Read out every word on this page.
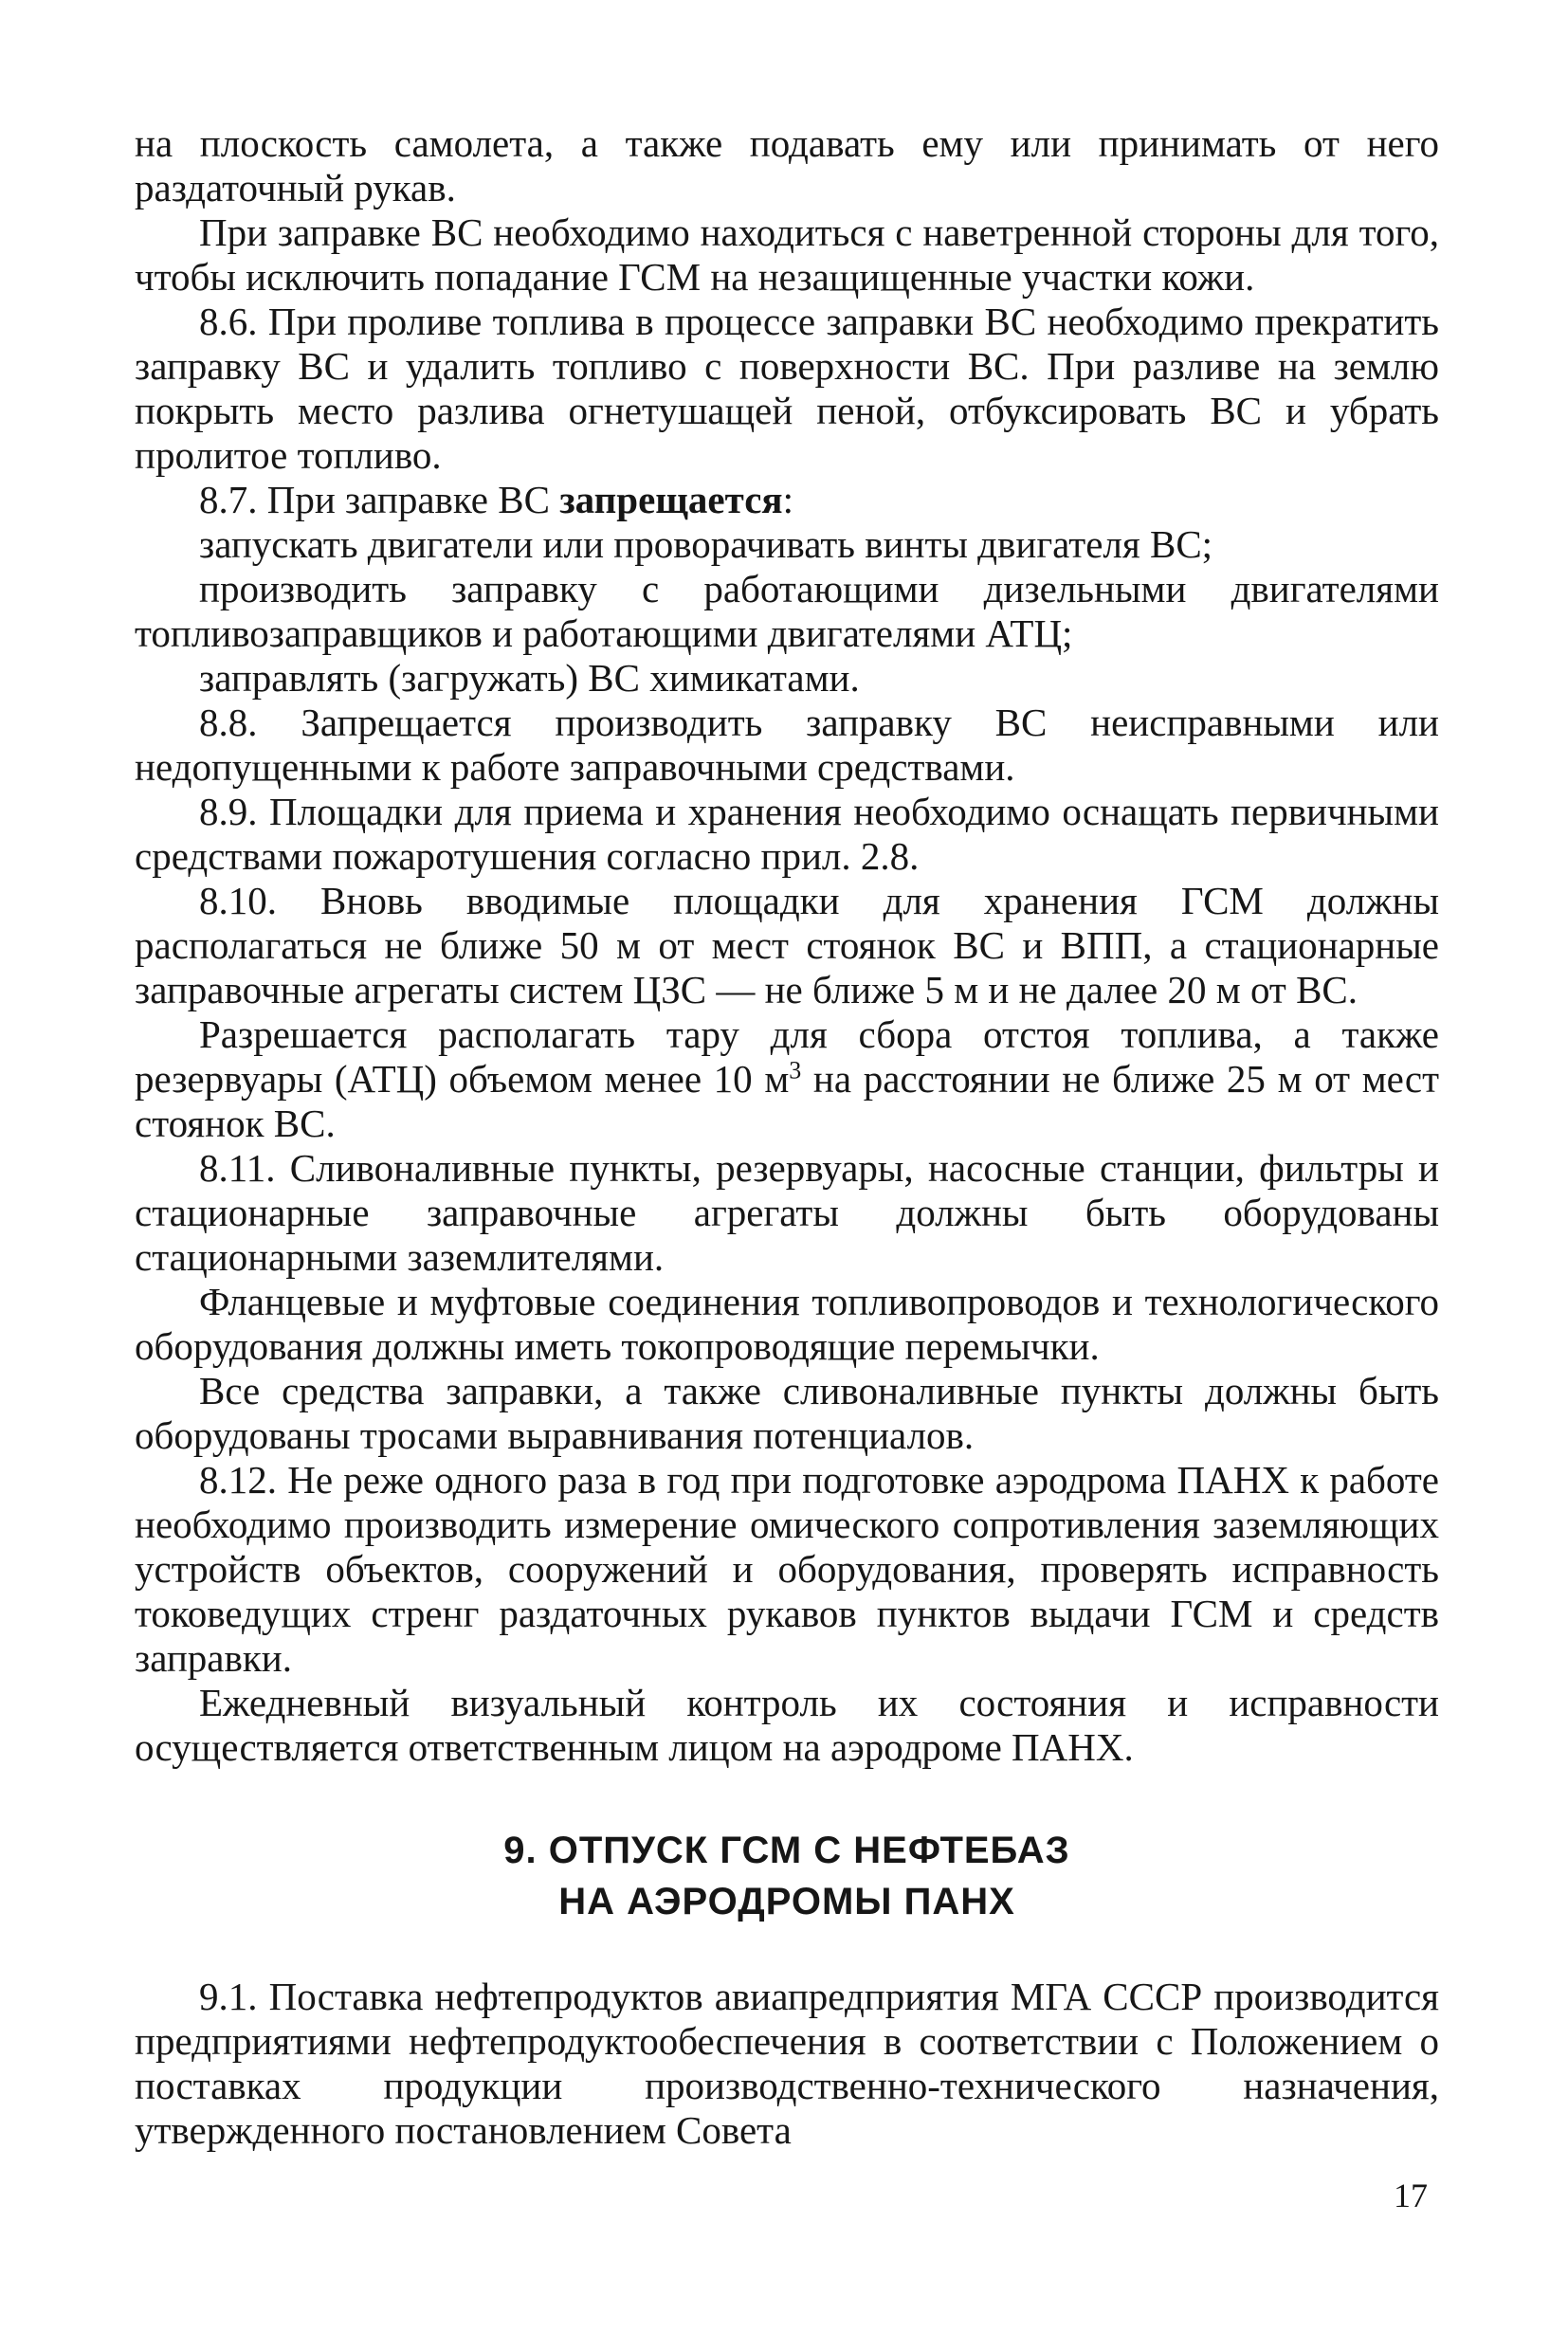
на плоскость самолета, а также подавать ему или принимать от него раздаточный рукав.

При заправке ВС необходимо находиться с наветренной стороны для того, чтобы исключить попадание ГСМ на незащищенные участки кожи.

8.6. При проливе топлива в процессе заправки ВС необходимо прекратить заправку ВС и удалить топливо с поверхности ВС. При разливе на землю покрыть место разлива огнетушащей пеной, отбуксировать ВС и убрать пролитое топливо.

8.7. При заправке ВС запрещается:

запускать двигатели или проворачивать винты двигателя ВС;

производить заправку с работающими дизельными двигателями топливозаправщиков и работающими двигателями АТЦ;

заправлять (загружать) ВС химикатами.

8.8. Запрещается производить заправку ВС неисправными или недопущенными к работе заправочными средствами.

8.9. Площадки для приема и хранения необходимо оснащать первичными средствами пожаротушения согласно прил. 2.8.

8.10. Вновь вводимые площадки для хранения ГСМ должны располагаться не ближе 50 м от мест стоянок ВС и ВПП, а стационарные заправочные агрегаты систем ЦЗС — не ближе 5 м и не далее 20 м от ВС.

Разрешается располагать тару для сбора отстоя топлива, а также резервуары (АТЦ) объемом менее 10 $м^3$ на расстоянии не ближе 25 м от мест стоянок ВС.

8.11. Сливоналивные пункты, резервуары, насосные станции, фильтры и стационарные заправочные агрегаты должны быть оборудованы стационарными заземлителями.

Фланцевые и муфтовые соединения топливопроводов и технологического оборудования должны иметь токопроводящие перемычки.

Все средства заправки, а также сливоналивные пункты должны быть оборудованы тросами выравнивания потенциалов.

8.12. Не реже одного раза в год при подготовке аэродрома ПАНХ к работе необходимо производить измерение омического сопротивления заземляющих устройств объектов, сооружений и оборудования, проверять исправность токоведущих стренг раздаточных рукавов пунктов выдачи ГСМ и средств заправки.

Ежедневный визуальный контроль их состояния и исправности осуществляется ответственным лицом на аэродроме ПАНХ.

9. ОТПУСК ГСМ С НЕФТЕБАЗ
НА АЭРОДРОМЫ ПАНХ

9.1. Поставка нефтепродуктов авиапредприятия МГА СССР производится предприятиями нефтепродуктообеспечения в соответствии с Положением о поставках продукции производственно-технического назначения, утвержденного постановлением Совета

17
